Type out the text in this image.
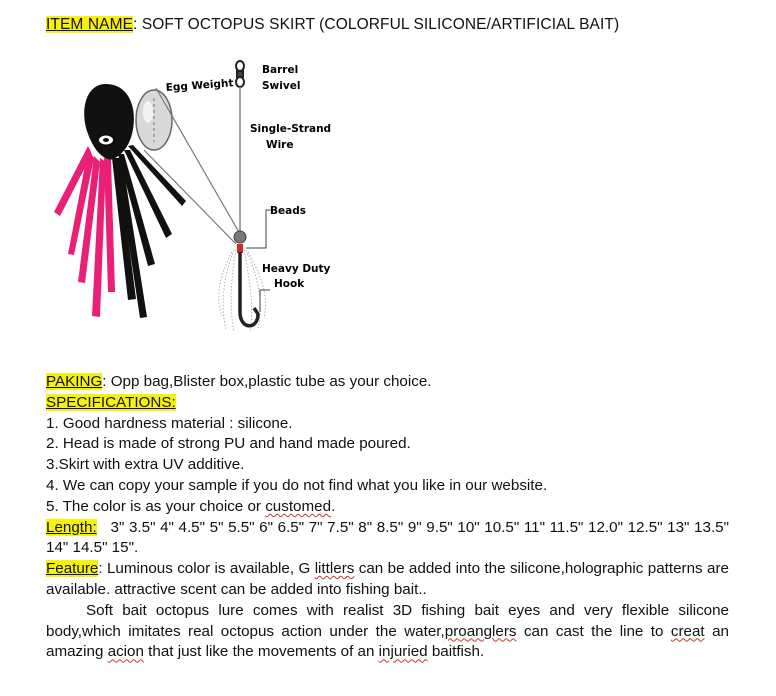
ITEM NAME: SOFT OCTOPUS SKIRT (COLORFUL SILICONE/ARTIFICIAL BAIT)
Egg Weight
Barrel
Swivel
Single-Strand
Wire
Beads
Heavy Duty
Hook

PAKING: Opp bag,Blister box,plastic tube as your choice.

SPECIFICATIONS:

1. Good hardness material : silicone.

2. Head is made of strong PU and hand made poured.

3.Skirt with extra UV additive.

4. We can copy your sample if you do not find what you like in our website.

5. The color is as your choice or customed.

Length:   3" 3.5" 4" 4.5" 5" 5.5" 6" 6.5" 7" 7.5" 8" 8.5" 9" 9.5" 10" 10.5" 11" 11.5" 12.0" 12.5" 13" 13.5" 14" 14.5" 15".

Feature: Luminous color is available, G littlers can be added into the silicone,holographic patterns are available. attractive scent can be added into fishing bait..

Soft bait octopus lure comes with realist 3D fishing bait eyes and very flexible silicone body,which imitates real octopus action under the water,proanglers can cast the line to creat an amazing acion that just like the movements of an injuried baitfish.
